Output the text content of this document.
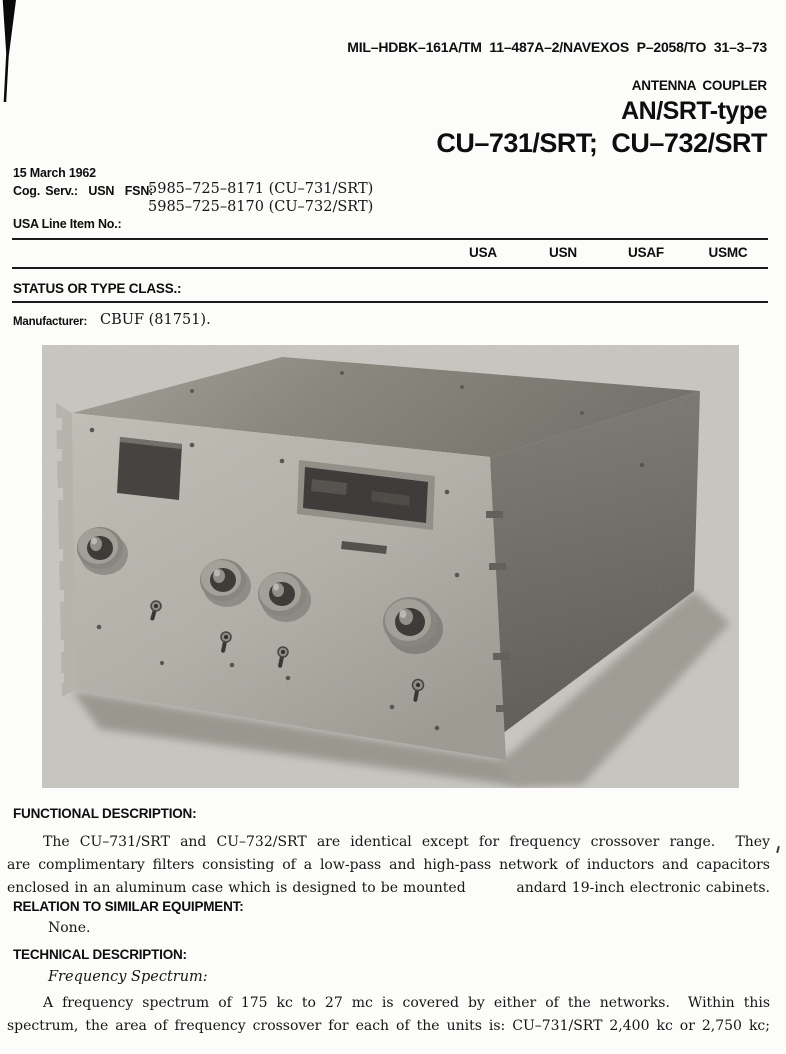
MIL–HDBK–161A/TM 11–487A–2/NAVEXOS P–2058/TO 31–3–73
ANTENNA COUPLER
AN/SRT-type
CU–731/SRT;  CU–732/SRT
15 March 1962
Cog. Serv.:  USN  FSN:
5985–725–8171 (CU–731/SRT)
5985–725–8170 (CU–732/SRT)
USA Line Item No.:
USA	USN	USAF	USMC
STATUS OR TYPE CLASS.:
Manufacturer: CBUF (81751).
FUNCTIONAL DESCRIPTION:
The CU–731/SRT and CU–732/SRT are identical except for frequency crossover range.  They
are complimentary filters consisting of a low-pass and high-pass network of inductors and capacitors
enclosed in an aluminum case which is designed to be mounted          andard 19-inch electronic cabinets.
RELATION TO SIMILAR EQUIPMENT:
None.
TECHNICAL DESCRIPTION:
Frequency Spectrum:
A frequency spectrum of 175 kc to 27 mc is covered by either of the networks.  Within this
spectrum, the area of frequency crossover for each of the units is: CU–731/SRT 2,400 kc or 2,750 kc;
